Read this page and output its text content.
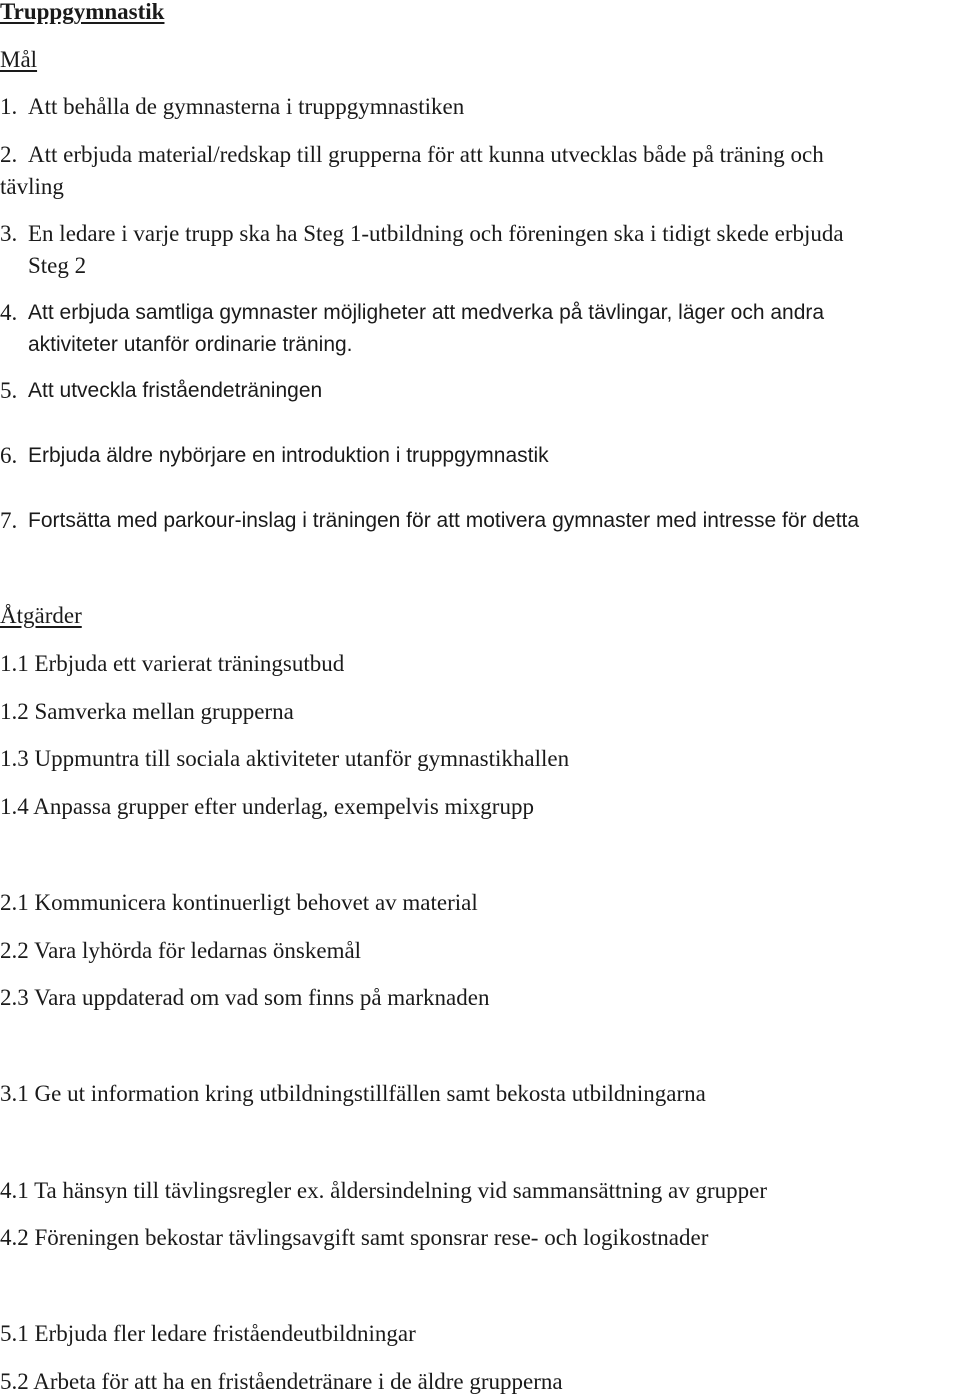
Truppgymnastik
Mål
1. Att behålla de gymnasterna i truppgymnastiken
2. Att erbjuda material/redskap till grupperna för att kunna utvecklas både på träning och
tävling
3. En ledare i varje trupp ska ha Steg 1-utbildning och föreningen ska i tidigt skede erbjuda
Steg 2
4. Att erbjuda samtliga gymnaster möjligheter att medverka på tävlingar, läger och andra
aktiviteter utanför ordinarie träning.
5. Att utveckla friståendeträningen
6. Erbjuda äldre nybörjare en introduktion i truppgymnastik
7. Fortsätta med parkour-inslag i träningen för att motivera gymnaster med intresse för detta
Åtgärder
1.1 Erbjuda ett varierat träningsutbud
1.2 Samverka mellan grupperna
1.3 Uppmuntra till sociala aktiviteter utanför gymnastikhallen
1.4 Anpassa grupper efter underlag, exempelvis mixgrupp
2.1 Kommunicera kontinuerligt behovet av material
2.2 Vara lyhörda för ledarnas önskemål
2.3 Vara uppdaterad om vad som finns på marknaden
3.1 Ge ut information kring utbildningstillfällen samt bekosta utbildningarna
4.1 Ta hänsyn till tävlingsregler ex. åldersindelning vid sammansättning av grupper
4.2 Föreningen bekostar tävlingsavgift samt sponsrar rese- och logikostnader
5.1 Erbjuda fler ledare friståendeutbildningar
5.2 Arbeta för att ha en friståendetränare i de äldre grupperna
